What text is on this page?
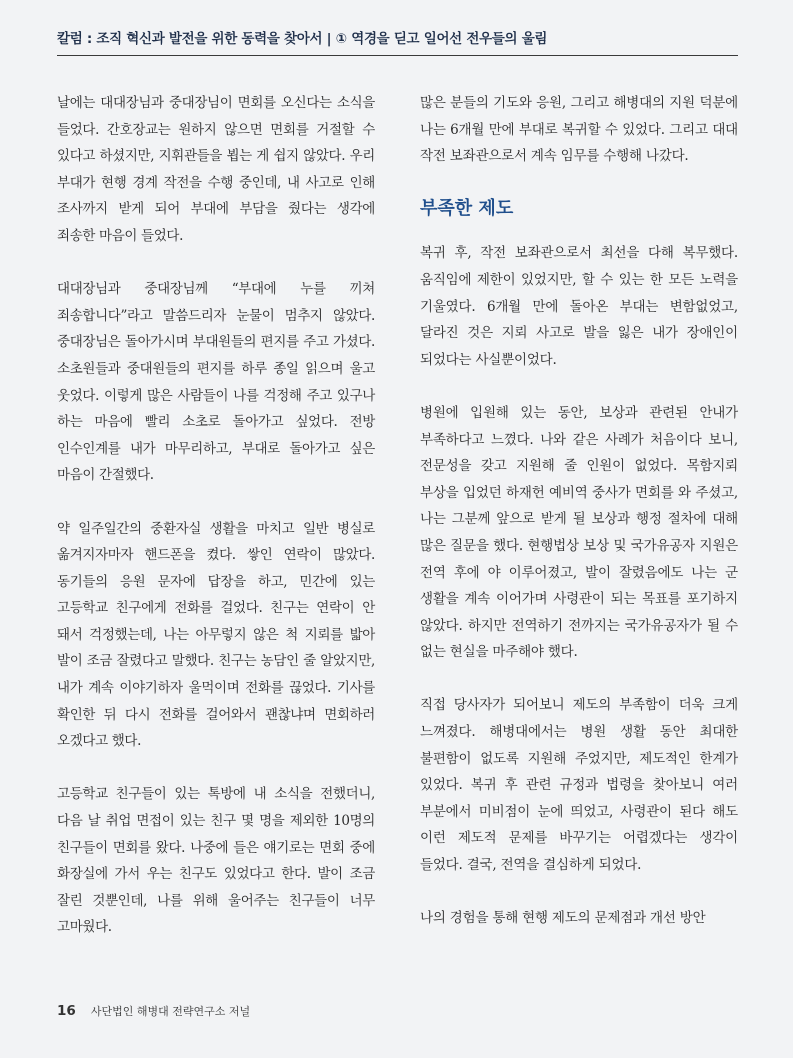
칼럼 : 조직 혁신과 발전을 위한 동력을 찾아서 | ① 역경을 딛고 일어선 전우들의 울림

날에는 대대장님과 중대장님이 면회를 오신다는 소식을 들었다. 간호장교는 원하지 않으면 면회를 거절할 수 있다고 하셨지만, 지휘관들을 뵙는 게 쉽지 않았다. 우리 부대가 현행 경계 작전을 수행 중인데, 내 사고로 인해 조사까지 받게 되어 부대에 부담을 줬다는 생각에 죄송한 마음이 들었다.

대대장님과 중대장님께 “부대에 누를 끼쳐 죄송합니다”라고 말씀드리자 눈물이 멈추지 않았다. 중대장님은 돌아가시며 부대원들의 편지를 주고 가셨다. 소초원들과 중대원들의 편지를 하루 종일 읽으며 울고 웃었다. 이렇게 많은 사람들이 나를 걱정해 주고 있구나 하는 마음에 빨리 소초로 돌아가고 싶었다. 전방 인수인계를 내가 마무리하고, 부대로 돌아가고 싶은 마음이 간절했다.

약 일주일간의 중환자실 생활을 마치고 일반 병실로 옮겨지자마자 핸드폰을 켰다. 쌓인 연락이 많았다. 동기들의 응원 문자에 답장을 하고, 민간에 있는 고등학교 친구에게 전화를 걸었다. 친구는 연락이 안 돼서 걱정했는데, 나는 아무렇지 않은 척 지뢰를 밟아 발이 조금 잘렸다고 말했다. 친구는 농담인 줄 알았지만, 내가 계속 이야기하자 울먹이며 전화를 끊었다. 기사를 확인한 뒤 다시 전화를 걸어와서 괜찮냐며 면회하러 오겠다고 했다.

고등학교 친구들이 있는 톡방에 내 소식을 전했더니, 다음 날 취업 면접이 있는 친구 몇 명을 제외한 10명의 친구들이 면회를 왔다. 나중에 들은 얘기로는 면회 중에 화장실에 가서 우는 친구도 있었다고 한다. 발이 조금 잘린 것뿐인데, 나를 위해 울어주는 친구들이 너무 고마웠다.

많은 분들의 기도와 응원, 그리고 해병대의 지원 덕분에 나는 6개월 만에 부대로 복귀할 수 있었다. 그리고 대대 작전 보좌관으로서 계속 임무를 수행해 나갔다.

부족한 제도

복귀 후, 작전 보좌관으로서 최선을 다해 복무했다. 움직임에 제한이 있었지만, 할 수 있는 한 모든 노력을 기울였다. 6개월 만에 돌아온 부대는 변함없었고, 달라진 것은 지뢰 사고로 발을 잃은 내가 장애인이 되었다는 사실뿐이었다.

병원에 입원해 있는 동안, 보상과 관련된 안내가 부족하다고 느꼈다. 나와 같은 사례가 처음이다 보니, 전문성을 갖고 지원해 줄 인원이 없었다. 목함지뢰 부상을 입었던 하재헌 예비역 중사가 면회를 와 주셨고, 나는 그분께 앞으로 받게 될 보상과 행정 절차에 대해 많은 질문을 했다. 현행법상 보상 및 국가유공자 지원은 전역 후에 야 이루어졌고, 발이 잘렸음에도 나는 군 생활을 계속 이어가며 사령관이 되는 목표를 포기하지 않았다. 하지만 전역하기 전까지는 국가유공자가 될 수 없는 현실을 마주해야 했다.

직접 당사자가 되어보니 제도의 부족함이 더욱 크게 느껴졌다. 해병대에서는 병원 생활 동안 최대한 불편함이 없도록 지원해 주었지만, 제도적인 한계가 있었다. 복귀 후 관련 규정과 법령을 찾아보니 여러 부분에서 미비점이 눈에 띄었고, 사령관이 된다 해도 이런 제도적 문제를 바꾸기는 어렵겠다는 생각이 들었다. 결국, 전역을 결심하게 되었다.

나의 경험을 통해 현행 제도의 문제점과 개선 방안

16 사단법인 해병대 전략연구소 저널
